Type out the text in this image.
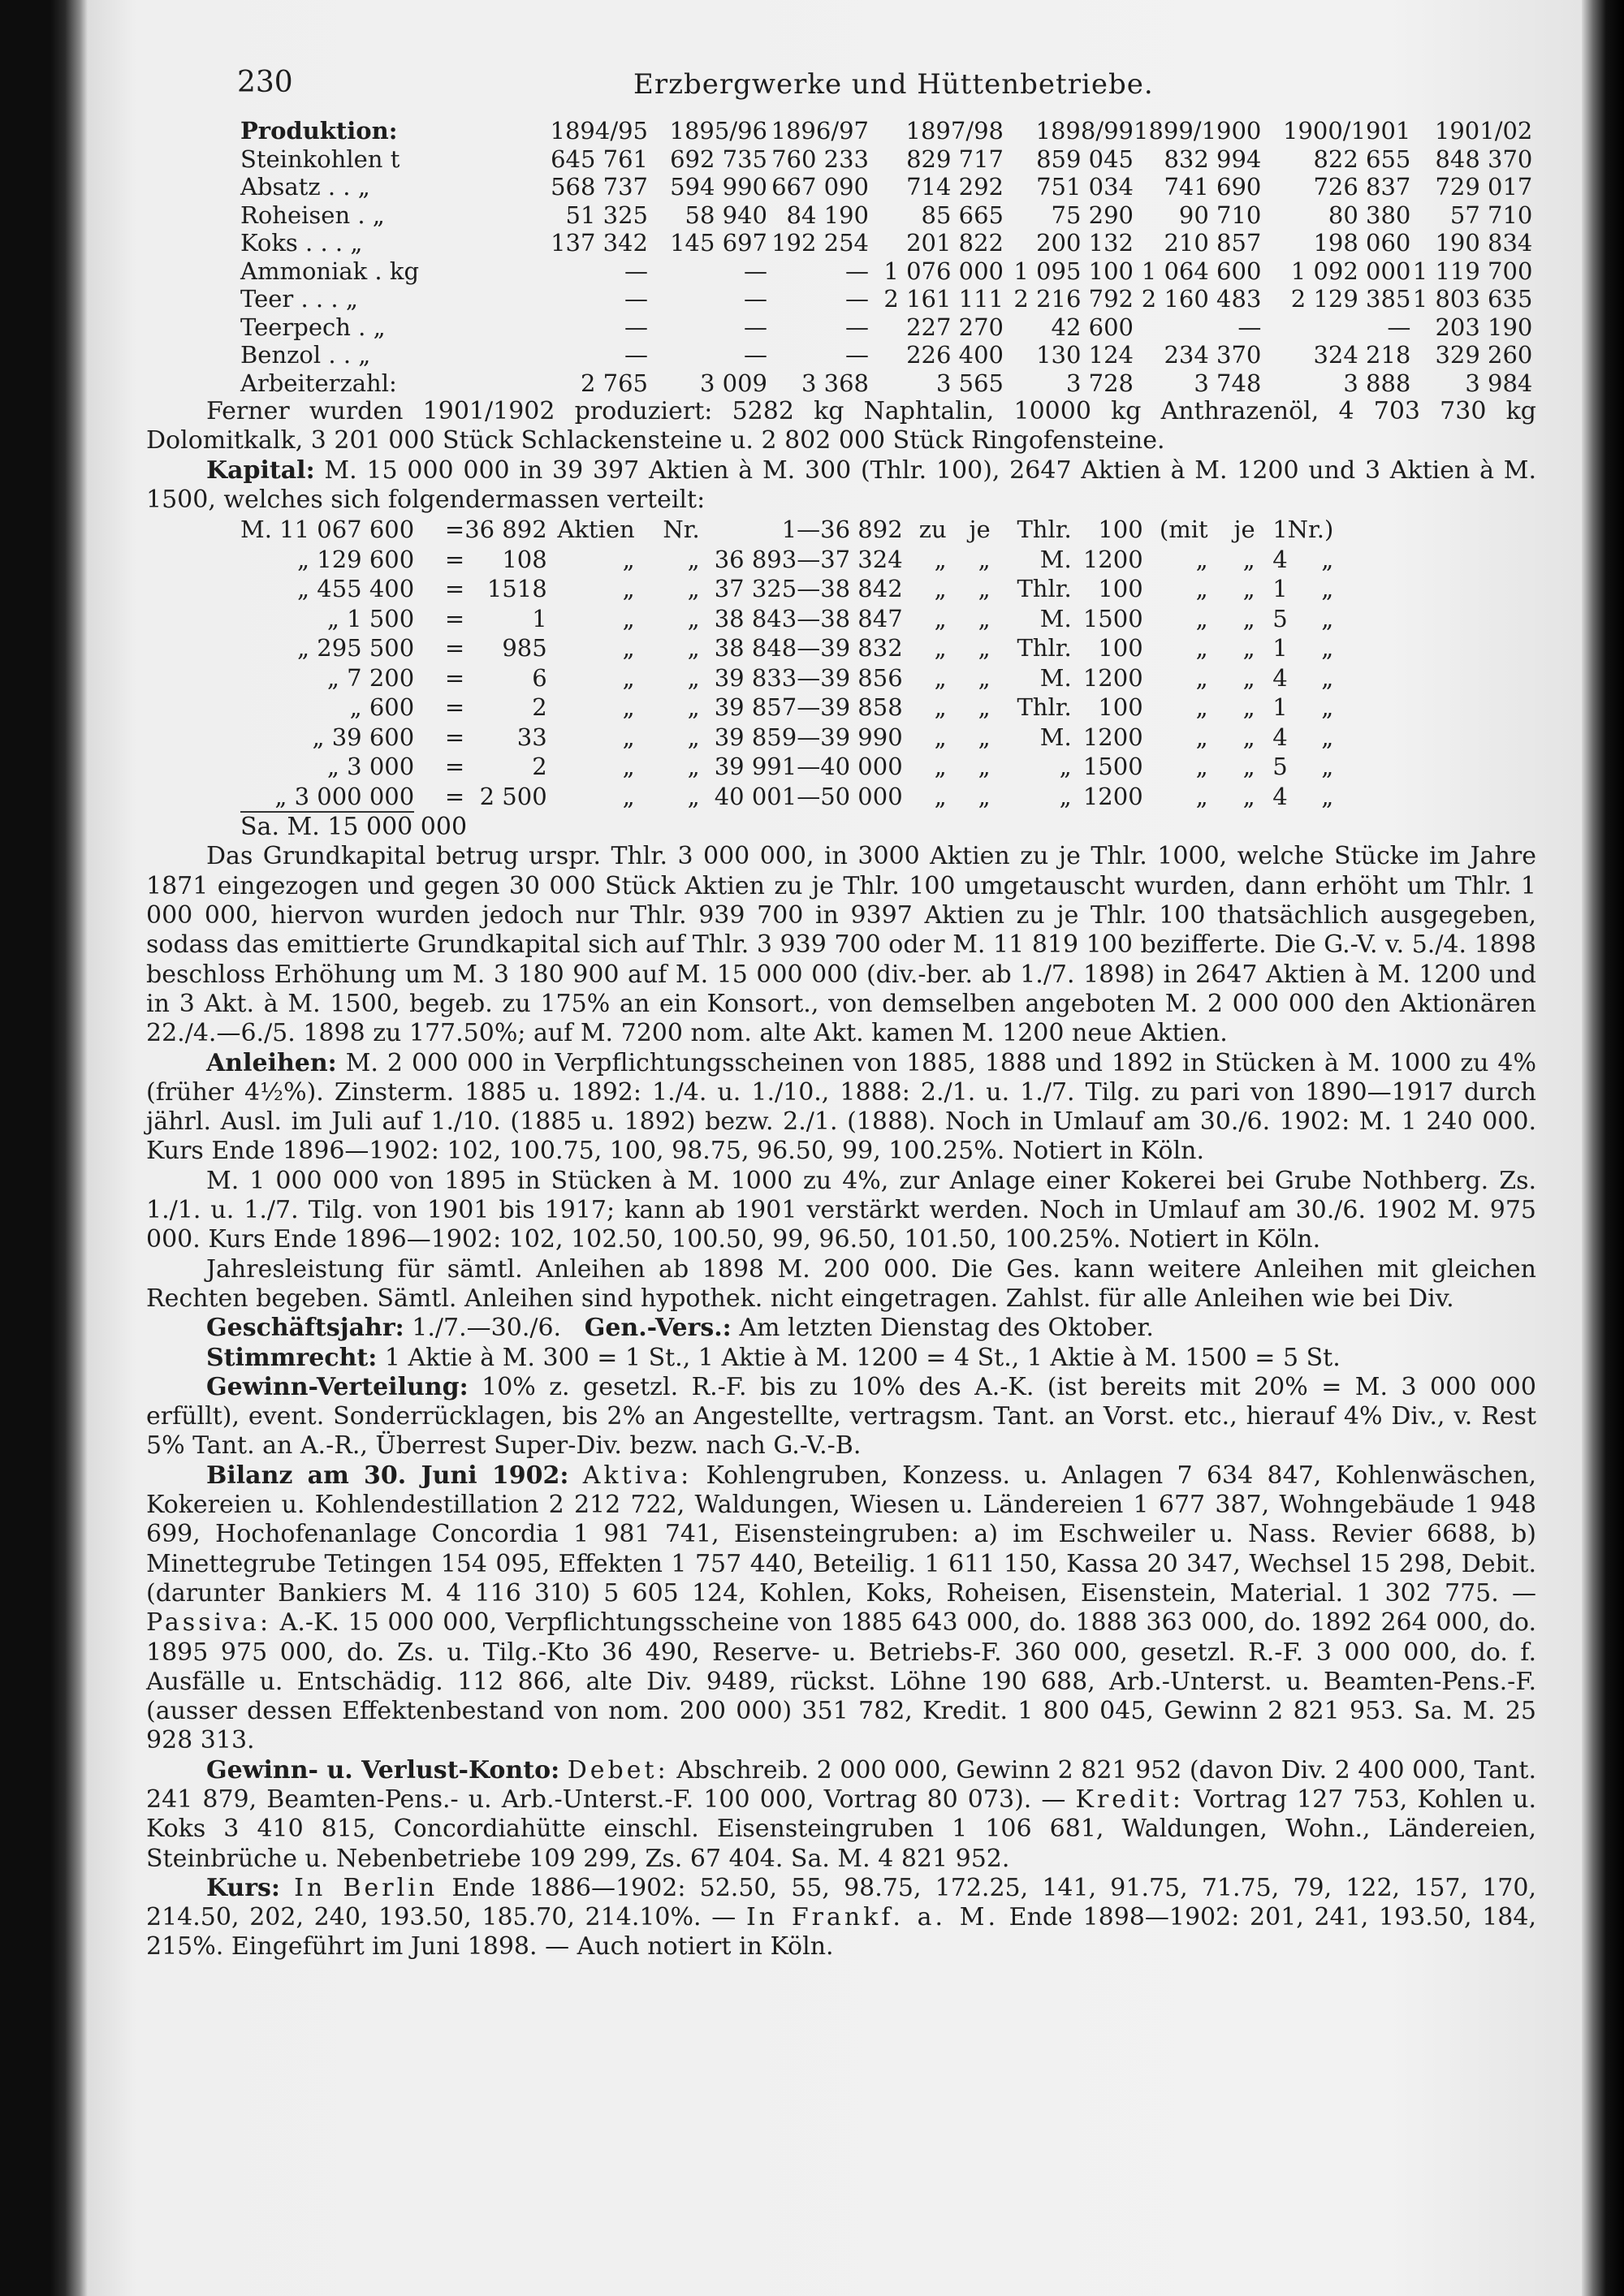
230	Erzbergwerke und Hüttenbetriebe.
Produktion:	1894/95	1895/96	1896/97	1897/98	1898/99	1899/1900	1900/1901	1901/02
Steinkohlen t	645 761	692 735	760 233	829 717	859 045	832 994	822 655	848 370
Absatz . . „	568 737	594 990	667 090	714 292	751 034	741 690	726 837	729 017
Roheisen . „	51 325	58 940	84 190	85 665	75 290	90 710	80 380	57 710
Koks . . . „	137 342	145 697	192 254	201 822	200 132	210 857	198 060	190 834
Ammoniak . kg	—	—	—	1 076 000	1 095 100	1 064 600	1 092 000	1 119 700
Teer . . . „	—	—	—	2 161 111	2 216 792	2 160 483	2 129 385	1 803 635
Teerpech . „	—	—	—	227 270	42 600	—	—	203 190
Benzol . . „	—	—	—	226 400	130 124	234 370	324 218	329 260
Arbeiterzahl:	2 765	3 009	3 368	3 565	3 728	3 748	3 888	3 984

Ferner wurden 1901/1902 produziert: 5282 kg Naphtalin, 10000 kg Anthrazenöl, 4 703 730 kg Dolomitkalk, 3 201 000 Stück Schlackensteine u. 2 802 000 Stück Ringofensteine.

Kapital: M. 15 000 000 in 39 397 Aktien à M. 300 (Thlr. 100), 2647 Aktien à M. 1200 und 3 Aktien à M. 1500, welches sich folgendermassen verteilt:

M. 11 067 600	=	36 892	Aktien	Nr.	1—36 892	zu	je	Thlr.	100	(mit	je	1	Nr.)
„ 129 600	=	108	„	„	36 893—37 324	„	„	M.	1200	„	„	4	„
„ 455 400	=	1518	„	„	37 325—38 842	„	„	Thlr.	100	„	„	1	„
„ 1 500	=	1	„	„	38 843—38 847	„	„	M.	1500	„	„	5	„
„ 295 500	=	985	„	„	38 848—39 832	„	„	Thlr.	100	„	„	1	„
„ 7 200	=	6	„	„	39 833—39 856	„	„	M.	1200	„	„	4	„
„ 600	=	2	„	„	39 857—39 858	„	„	Thlr.	100	„	„	1	„
„ 39 600	=	33	„	„	39 859—39 990	„	„	M.	1200	„	„	4	„
„ 3 000	=	2	„	„	39 991—40 000	„	„	„	1500	„	„	5	„
„ 3 000 000	=	2 500	„	„	40 001—50 000	„	„	„	1200	„	„	4	„
Sa. M. 15 000 000

Das Grundkapital betrug urspr. Thlr. 3 000 000, in 3000 Aktien zu je Thlr. 1000, welche Stücke im Jahre 1871 eingezogen und gegen 30 000 Stück Aktien zu je Thlr. 100 umgetauscht wurden, dann erhöht um Thlr. 1 000 000, hiervon wurden jedoch nur Thlr. 939 700 in 9397 Aktien zu je Thlr. 100 thatsächlich ausgegeben, sodass das emittierte Grundkapital sich auf Thlr. 3 939 700 oder M. 11 819 100 bezifferte. Die G.-V. v. 5./4. 1898 beschloss Erhöhung um M. 3 180 900 auf M. 15 000 000 (div.-ber. ab 1./7. 1898) in 2647 Aktien à M. 1200 und in 3 Akt. à M. 1500, begeb. zu 175% an ein Konsort., von demselben angeboten M. 2 000 000 den Aktionären 22./4.—6./5. 1898 zu 177.50%; auf M. 7200 nom. alte Akt. kamen M. 1200 neue Aktien.

Anleihen: M. 2 000 000 in Verpflichtungsscheinen von 1885, 1888 und 1892 in Stücken à M. 1000 zu 4% (früher 4½%). Zinsterm. 1885 u. 1892: 1./4. u. 1./10., 1888: 2./1. u. 1./7. Tilg. zu pari von 1890—1917 durch jährl. Ausl. im Juli auf 1./10. (1885 u. 1892) bezw. 2./1. (1888). Noch in Umlauf am 30./6. 1902: M. 1 240 000. Kurs Ende 1896—1902: 102, 100.75, 100, 98.75, 96.50, 99, 100.25%. Notiert in Köln.

M. 1 000 000 von 1895 in Stücken à M. 1000 zu 4%, zur Anlage einer Kokerei bei Grube Nothberg. Zs. 1./1. u. 1./7. Tilg. von 1901 bis 1917; kann ab 1901 verstärkt werden. Noch in Umlauf am 30./6. 1902 M. 975 000. Kurs Ende 1896—1902: 102, 102.50, 100.50, 99, 96.50, 101.50, 100.25%. Notiert in Köln.

Jahresleistung für sämtl. Anleihen ab 1898 M. 200 000. Die Ges. kann weitere Anleihen mit gleichen Rechten begeben. Sämtl. Anleihen sind hypothek. nicht eingetragen. Zahlst. für alle Anleihen wie bei Div.

Geschäftsjahr: 1./7.—30./6. Gen.-Vers.: Am letzten Dienstag des Oktober.

Stimmrecht: 1 Aktie à M. 300 = 1 St., 1 Aktie à M. 1200 = 4 St., 1 Aktie à M. 1500 = 5 St.

Gewinn-Verteilung: 10% z. gesetzl. R.-F. bis zu 10% des A.-K. (ist bereits mit 20% = M. 3 000 000 erfüllt), event. Sonderrücklagen, bis 2% an Angestellte, vertragsm. Tant. an Vorst. etc., hierauf 4% Div., v. Rest 5% Tant. an A.-R., Überrest Super-Div. bezw. nach G.-V.-B.

Bilanz am 30. Juni 1902: Aktiva: Kohlengruben, Konzess. u. Anlagen 7 634 847, Kohlenwäschen, Kokereien u. Kohlendestillation 2 212 722, Waldungen, Wiesen u. Ländereien 1 677 387, Wohngebäude 1 948 699, Hochofenanlage Concordia 1 981 741, Eisensteingruben: a) im Eschweiler u. Nass. Revier 6688, b) Minettegrube Tetingen 154 095, Effekten 1 757 440, Beteilig. 1 611 150, Kassa 20 347, Wechsel 15 298, Debit. (darunter Bankiers M. 4 116 310) 5 605 124, Kohlen, Koks, Roheisen, Eisenstein, Material. 1 302 775. — Passiva: A.-K. 15 000 000, Verpflichtungsscheine von 1885 643 000, do. 1888 363 000, do. 1892 264 000, do. 1895 975 000, do. Zs. u. Tilg.-Kto 36 490, Reserve- u. Betriebs-F. 360 000, gesetzl. R.-F. 3 000 000, do. f. Ausfälle u. Entschädig. 112 866, alte Div. 9489, rückst. Löhne 190 688, Arb.-Unterst. u. Beamten-Pens.-F. (ausser dessen Effektenbestand von nom. 200 000) 351 782, Kredit. 1 800 045, Gewinn 2 821 953. Sa. M. 25 928 313.

Gewinn- u. Verlust-Konto: Debet: Abschreib. 2 000 000, Gewinn 2 821 952 (davon Div. 2 400 000, Tant. 241 879, Beamten-Pens.- u. Arb.-Unterst.-F. 100 000, Vortrag 80 073). — Kredit: Vortrag 127 753, Kohlen u. Koks 3 410 815, Concordiahütte einschl. Eisensteingruben 1 106 681, Waldungen, Wohn., Ländereien, Steinbrüche u. Nebenbetriebe 109 299, Zs. 67 404. Sa. M. 4 821 952.

Kurs: In Berlin Ende 1886—1902: 52.50, 55, 98.75, 172.25, 141, 91.75, 71.75, 79, 122, 157, 170, 214.50, 202, 240, 193.50, 185.70, 214.10%. — In Frankf. a. M. Ende 1898—1902: 201, 241, 193.50, 184, 215%. Eingeführt im Juni 1898. — Auch notiert in Köln.
